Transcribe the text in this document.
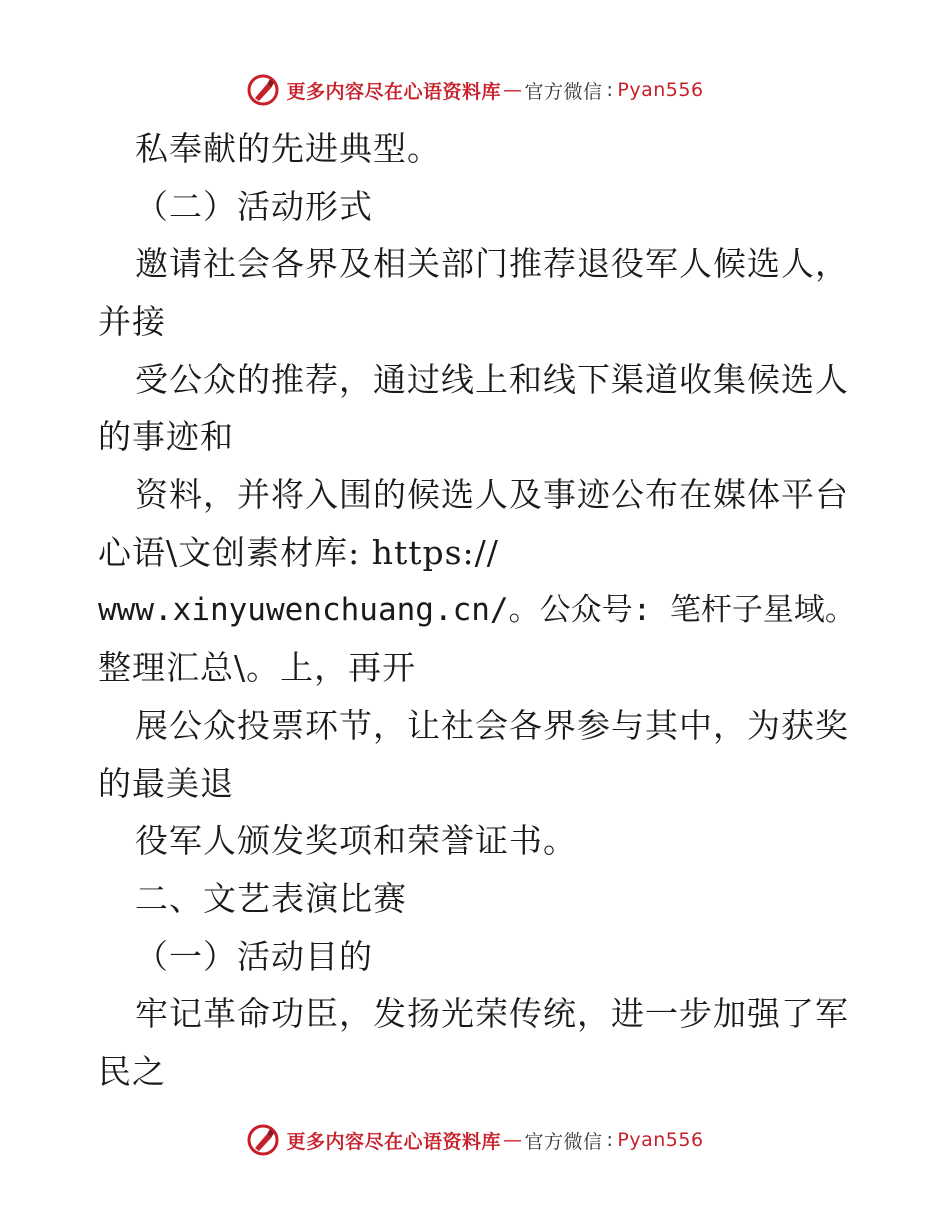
更多内容尽在心语资料库 — 官方微信 : Pyan556
私奉献的先进典型。
（二）活动形式
邀请社会各界及相关部门推荐退役军人候选人，
并接
受公众的推荐，通过线上和线下渠道收集候选人
的事迹和
资料，并将入围的候选人及事迹公布在媒体平台
心语\文创素材库: https://
www.xinyuwenchuang.cn/。公众号: 笔杆子星域。
整理汇总\。上，再开
展公众投票环节，让社会各界参与其中，为获奖
的最美退
役军人颁发奖项和荣誉证书。
二、文艺表演比赛
（一）活动目的
牢记革命功臣，发扬光荣传统，进一步加强了军
民之
更多内容尽在心语资料库 — 官方微信 : Pyan556
